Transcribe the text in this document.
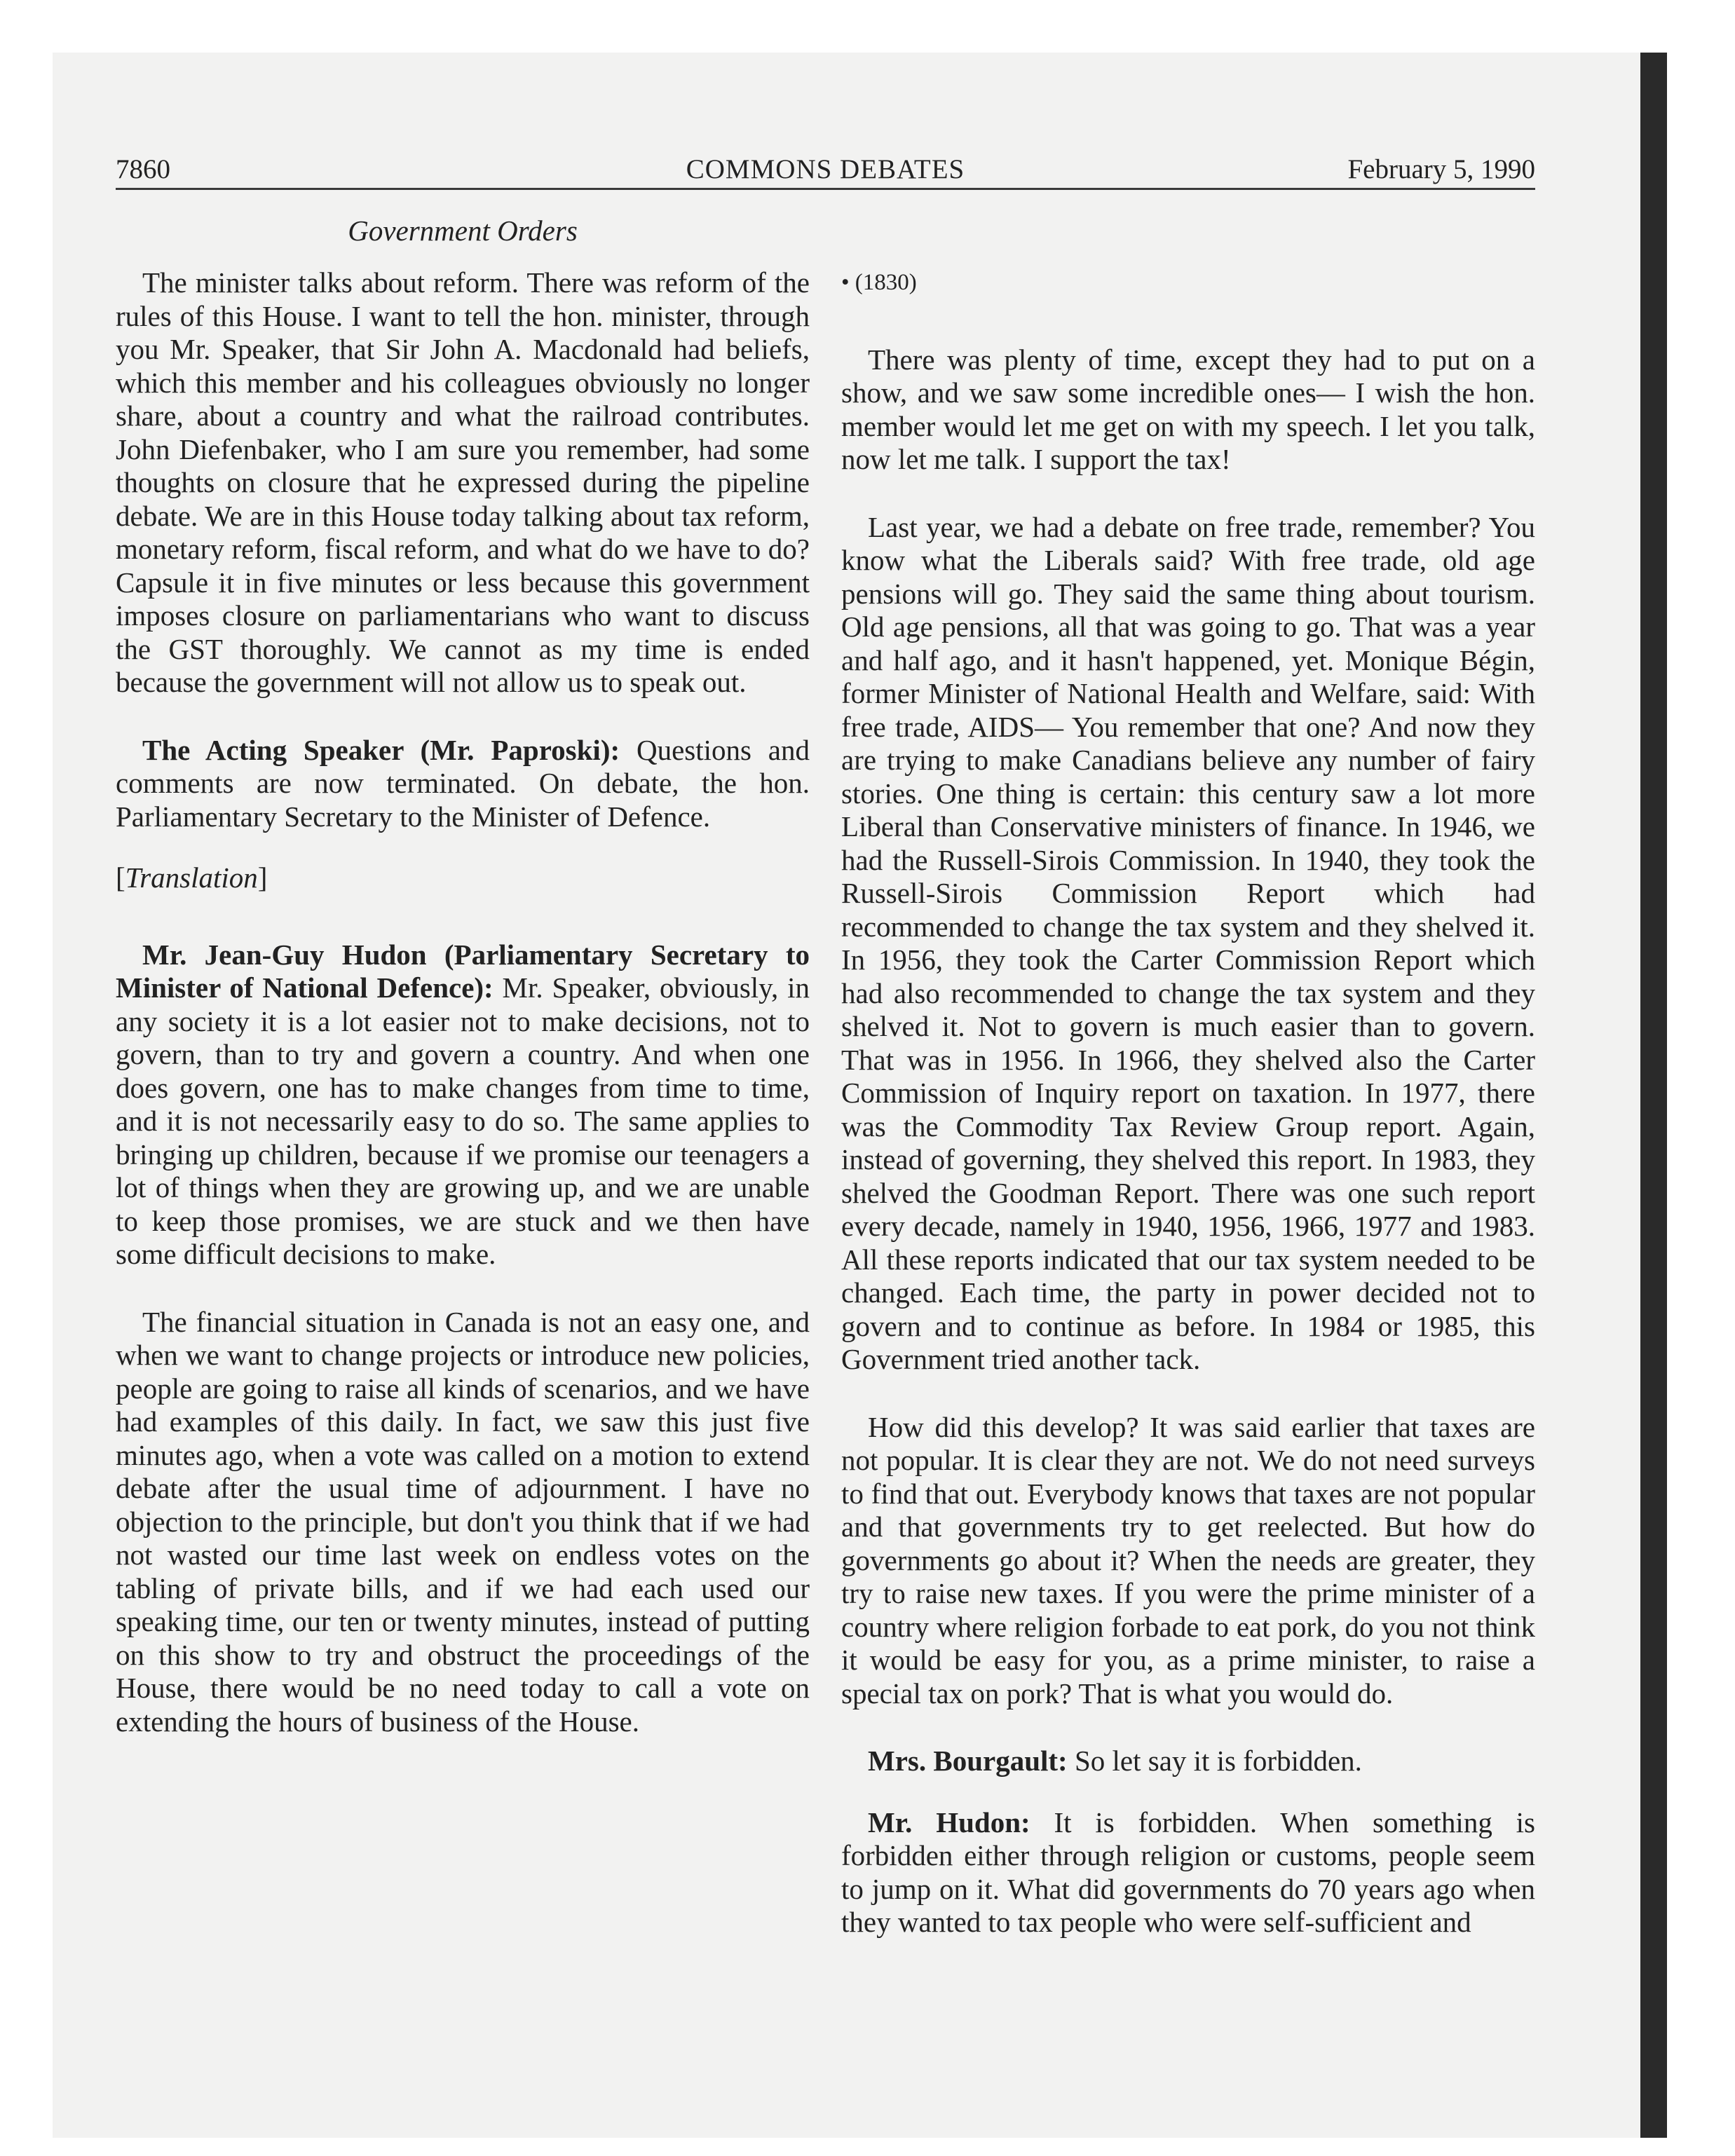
7860	COMMONS DEBATES	February 5, 1990
Government Orders

The minister talks about reform. There was reform of the rules of this House. I want to tell the hon. minister, through you Mr. Speaker, that Sir John A. Macdonald had beliefs, which this member and his colleagues obviously no longer share, about a country and what the railroad contributes. John Diefenbaker, who I am sure you remember, had some thoughts on closure that he expressed during the pipeline debate. We are in this House today talking about tax reform, monetary reform, fiscal reform, and what do we have to do? Capsule it in five minutes or less because this government imposes closure on parliamentarians who want to discuss the GST thoroughly. We cannot as my time is ended because the government will not allow us to speak out.

The Acting Speaker (Mr. Paproski): Questions and comments are now terminated. On debate, the hon. Parliamentary Secretary to the Minister of Defence.

[Translation]

Mr. Jean-Guy Hudon (Parliamentary Secretary to Minister of National Defence): Mr. Speaker, obviously, in any society it is a lot easier not to make decisions, not to govern, than to try and govern a country. And when one does govern, one has to make changes from time to time, and it is not necessarily easy to do so. The same applies to bringing up children, because if we promise our teenagers a lot of things when they are growing up, and we are unable to keep those promises, we are stuck and we then have some difficult decisions to make.

The financial situation in Canada is not an easy one, and when we want to change projects or introduce new policies, people are going to raise all kinds of scenarios, and we have had examples of this daily. In fact, we saw this just five minutes ago, when a vote was called on a motion to extend debate after the usual time of adjournment. I have no objection to the principle, but don't you think that if we had not wasted our time last week on endless votes on the tabling of private bills, and if we had each used our speaking time, our ten or twenty minutes, instead of putting on this show to try and obstruct the proceedings of the House, there would be no need today to call a vote on extending the hours of business of the House.

• (1830)

There was plenty of time, except they had to put on a show, and we saw some incredible ones— I wish the hon. member would let me get on with my speech. I let you talk, now let me talk. I support the tax!

Last year, we had a debate on free trade, remember? You know what the Liberals said? With free trade, old age pensions will go. They said the same thing about tourism. Old age pensions, all that was going to go. That was a year and half ago, and it hasn't happened, yet. Monique Bégin, former Minister of National Health and Welfare, said: With free trade, AIDS— You remember that one? And now they are trying to make Canadians believe any number of fairy stories. One thing is certain: this century saw a lot more Liberal than Conservative ministers of finance. In 1946, we had the Russell-Sirois Commission. In 1940, they took the Russell-Sirois Commission Report which had recommended to change the tax system and they shelved it. In 1956, they took the Carter Commission Report which had also recommended to change the tax system and they shelved it. Not to govern is much easier than to govern. That was in 1956. In 1966, they shelved also the Carter Commission of Inquiry report on taxation. In 1977, there was the Commodity Tax Review Group report. Again, instead of governing, they shelved this report. In 1983, they shelved the Goodman Report. There was one such report every decade, namely in 1940, 1956, 1966, 1977 and 1983. All these reports indicated that our tax system needed to be changed. Each time, the party in power decided not to govern and to continue as before. In 1984 or 1985, this Government tried another tack.

How did this develop? It was said earlier that taxes are not popular. It is clear they are not. We do not need surveys to find that out. Everybody knows that taxes are not popular and that governments try to get reelected. But how do governments go about it? When the needs are greater, they try to raise new taxes. If you were the prime minister of a country where religion forbade to eat pork, do you not think it would be easy for you, as a prime minister, to raise a special tax on pork? That is what you would do.

Mrs. Bourgault: So let say it is forbidden.

Mr. Hudon: It is forbidden. When something is forbidden either through religion or customs, people seem to jump on it. What did governments do 70 years ago when they wanted to tax people who were self-sufficient and
